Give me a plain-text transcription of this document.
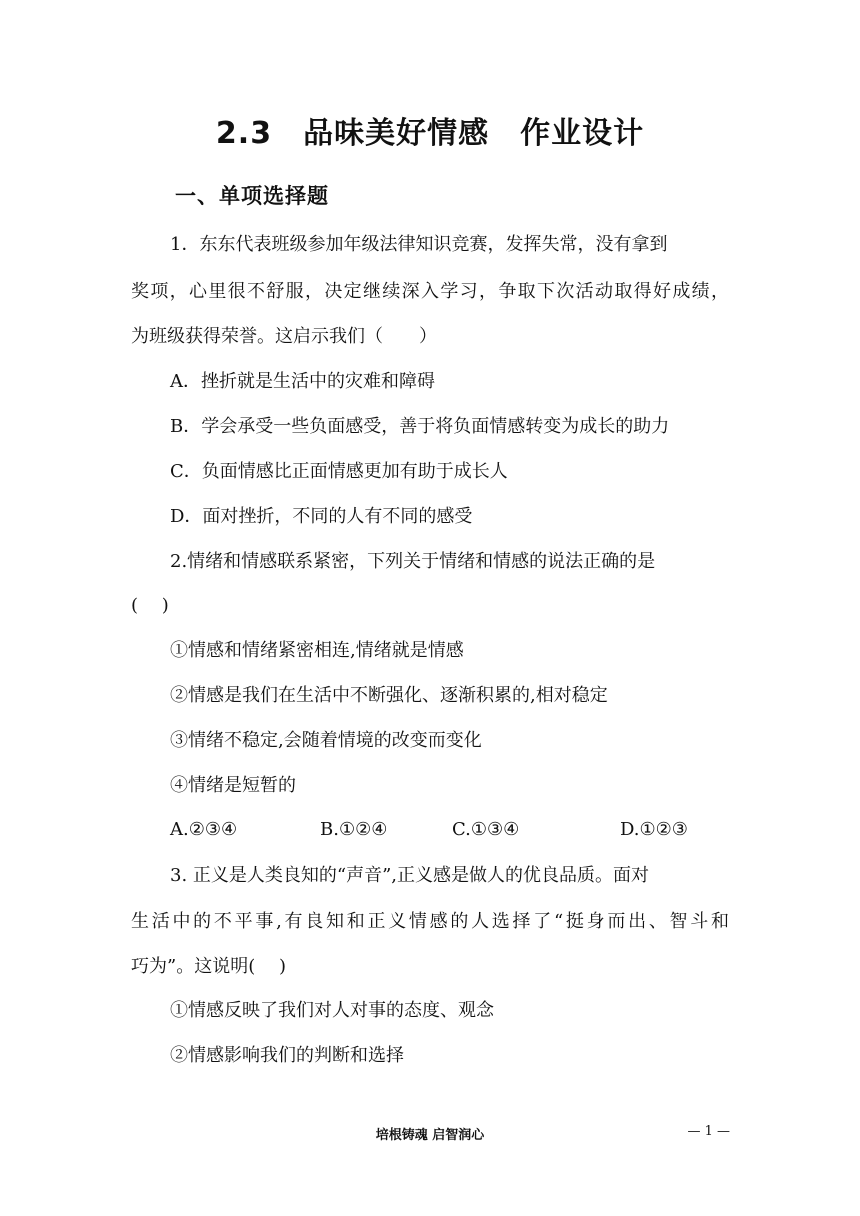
2.3　品味美好情感　作业设计
一、单项选择题
1．东东代表班级参加年级法律知识竞赛，发挥失常，没有拿到
奖项，心里很不舒服，决定继续深入学习，争取下次活动取得好成绩，
为班级获得荣誉。这启示我们（　　）
A．挫折就是生活中的灾难和障碍
B．学会承受一些负面感受，善于将负面情感转变为成长的助力
C．负面情感比正面情感更加有助于成长人
D．面对挫折，不同的人有不同的感受
2.情绪和情感联系紧密，下列关于情绪和情感的说法正确的是
(　 )
①情感和情绪紧密相连,情绪就是情感
②情感是我们在生活中不断强化、逐渐积累的,相对稳定
③情绪不稳定,会随着情境的改变而变化
④情绪是短暂的
A.②③④	B.①②④	C.①③④	D.①②③
3. 正义是人类良知的“声音”,正义感是做人的优良品质。面对
生活中的不平事,有良知和正义情感的人选择了“挺身而出、智斗和
巧为”。这说明(　 )
①情感反映了我们对人对事的态度、观念
②情感影响我们的判断和选择
培根铸魂 启智润心	— 1 —
